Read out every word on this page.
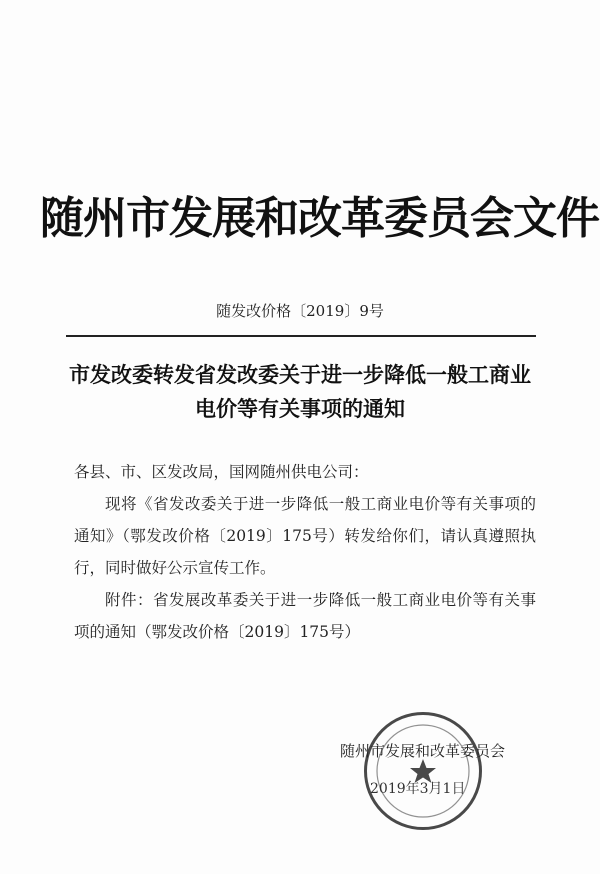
随州市发展和改革委员会文件
随发改价格〔2019〕9号
市发改委转发省发改委关于进一步降低一般工商业
电价等有关事项的通知

各县、市、区发改局，国网随州供电公司：

现将《省发改委关于进一步降低一般工商业电价等有关事项的通知》（鄂发改价格〔2019〕175号）转发给你们，请认真遵照执行，同时做好公示宣传工作。

附件：省发展改革委关于进一步降低一般工商业电价等有关事项的通知（鄂发改价格〔2019〕175号）

随州市发展和改革委员会
2019年3月1日
